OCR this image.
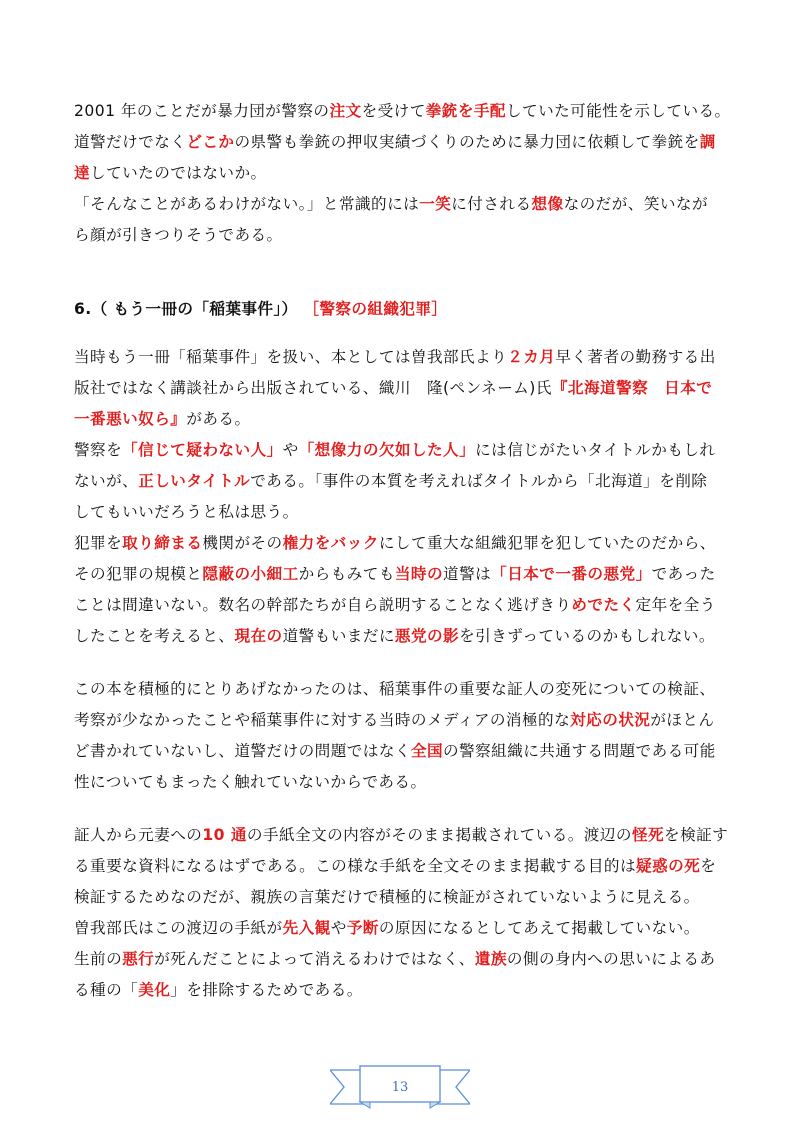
2001 年のことだが暴力団が警察の注文を受けて拳銃を手配していた可能性を示している。

道警だけでなくどこかの県警も拳銃の押収実績づくりのために暴力団に依頼して拳銃を調

達していたのではないか。

「そんなことがあるわけがない。」と常識的には一笑に付される想像なのだが、笑いなが

ら顔が引きつりそうである。

6.（ もう一冊の「稲葉事件」） ［警察の組織犯罪］

当時もう一冊「稲葉事件」を扱い、本としては曽我部氏より２カ月早く著者の勤務する出

版社ではなく講談社から出版されている、織川　隆(ペンネーム)氏『北海道警察　日本で

一番悪い奴ら』がある。

警察を「信じて疑わない人」や「想像力の欠如した人」には信じがたいタイトルかもしれ

ないが、正しいタイトルである。「事件の本質を考えればタイトルから「北海道」を削除

してもいいだろうと私は思う。

犯罪を取り締まる機関がその権力をバックにして重大な組織犯罪を犯していたのだから、

その犯罪の規模と隠蔽の小細工からもみても当時の道警は「日本で一番の悪党」であった

ことは間違いない。数名の幹部たちが自ら説明することなく逃げきりめでたく定年を全う

したことを考えると、現在の道警もいまだに悪党の影を引きずっているのかもしれない。

この本を積極的にとりあげなかったのは、稲葉事件の重要な証人の変死についての検証、

考察が少なかったことや稲葉事件に対する当時のメディアの消極的な対応の状況がほとん

ど書かれていないし、道警だけの問題ではなく全国の警察組織に共通する問題である可能

性についてもまったく触れていないからである。

証人から元妻への10 通の手紙全文の内容がそのまま掲載されている。渡辺の怪死を検証す

る重要な資料になるはずである。この様な手紙を全文そのまま掲載する目的は疑惑の死を

検証するためなのだが、親族の言葉だけで積極的に検証がされていないように見える。

曽我部氏はこの渡辺の手紙が先入観や予断の原因になるとしてあえて掲載していない。

生前の悪行が死んだことによって消えるわけではなく、遺族の側の身内への思いによるあ

る種の「美化」を排除するためである。

13
